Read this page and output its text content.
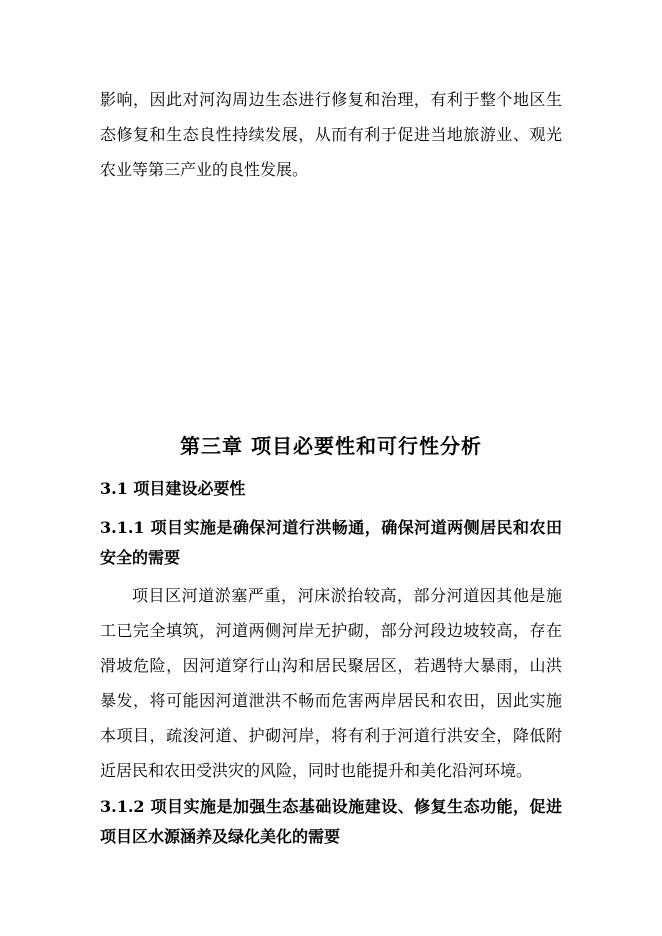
影响，因此对河沟周边生态进行修复和治理，有利于整个地区生态修复和生态良性持续发展，从而有利于促进当地旅游业、观光农业等第三产业的良性发展。

第三章 项目必要性和可行性分析
3.1 项目建设必要性
3.1.1 项目实施是确保河道行洪畅通，确保河道两侧居民和农田安全的需要

项目区河道淤塞严重，河床淤抬较高，部分河道因其他是施工已完全填筑，河道两侧河岸无护砌，部分河段边坡较高，存在滑坡危险，因河道穿行山沟和居民聚居区，若遇特大暴雨，山洪暴发，将可能因河道泄洪不畅而危害两岸居民和农田，因此实施本项目，疏浚河道、护砌河岸，将有利于河道行洪安全，降低附近居民和农田受洪灾的风险，同时也能提升和美化沿河环境。

3.1.2 项目实施是加强生态基础设施建设、修复生态功能，促进项目区水源涵养及绿化美化的需要
